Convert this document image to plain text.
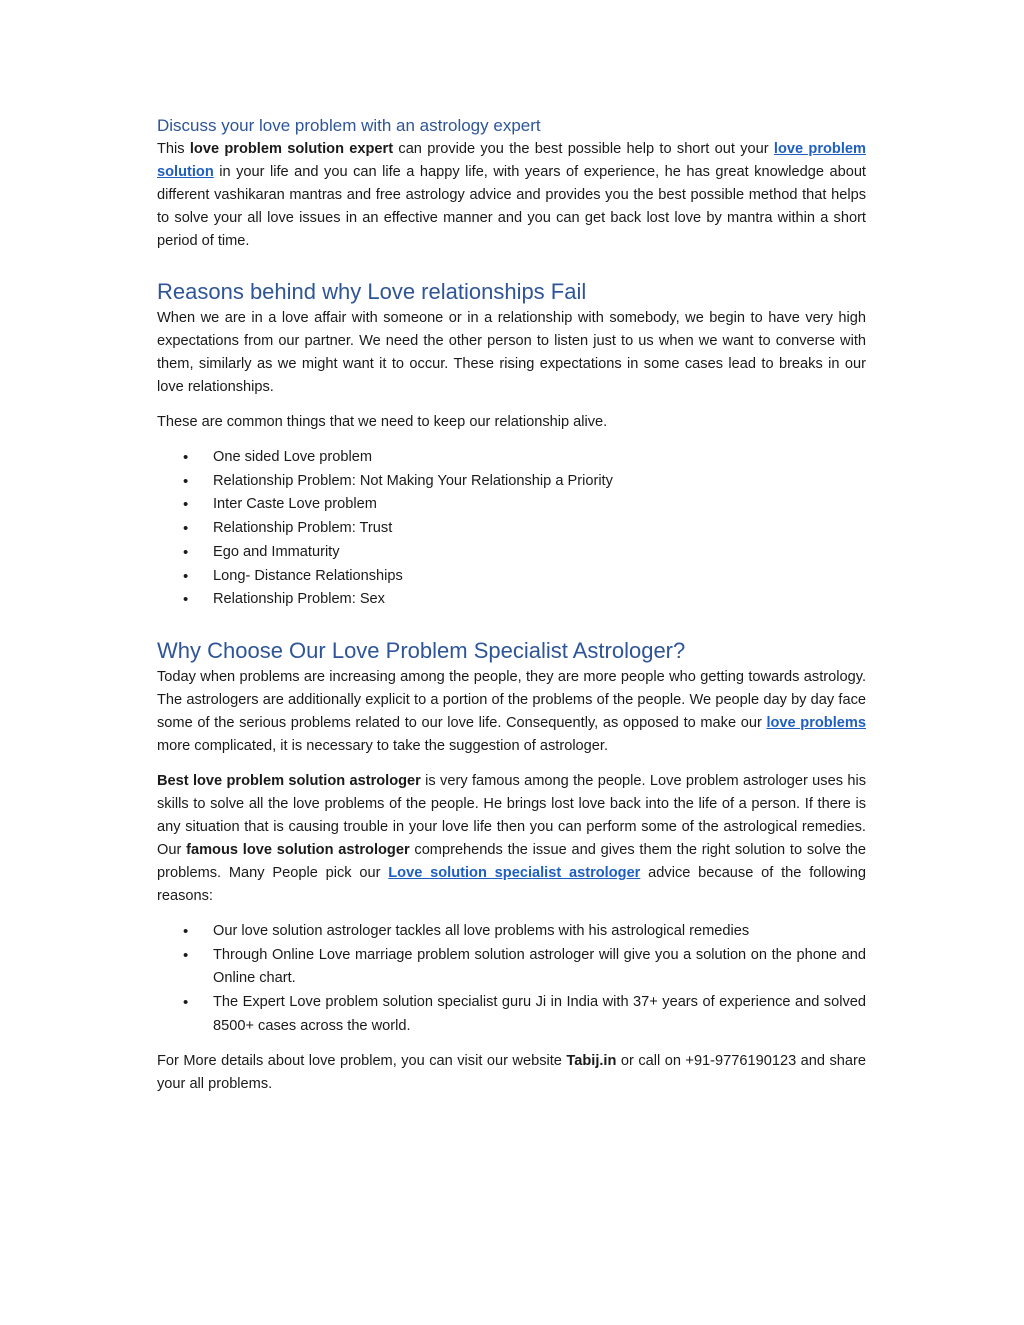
Discuss your love problem with an astrology expert

This love problem solution expert can provide you the best possible help to short out your love problem solution in your life and you can life a happy life, with years of experience, he has great knowledge about different vashikaran mantras and free astrology advice and provides you the best possible method that helps to solve your all love issues in an effective manner and you can get back lost love by mantra within a short period of time.

Reasons behind why Love relationships Fail

When we are in a love affair with someone or in a relationship with somebody, we begin to have very high expectations from our partner. We need the other person to listen just to us when we want to converse with them, similarly as we might want it to occur. These rising expectations in some cases lead to breaks in our love relationships.

These are common things that we need to keep our relationship alive.

• One sided Love problem
• Relationship Problem: Not Making Your Relationship a Priority
• Inter Caste Love problem
• Relationship Problem: Trust
• Ego and Immaturity
• Long- Distance Relationships
• Relationship Problem: Sex
Why Choose Our Love Problem Specialist Astrologer?

Today when problems are increasing among the people, they are more people who getting towards astrology. The astrologers are additionally explicit to a portion of the problems of the people. We people day by day face some of the serious problems related to our love life. Consequently, as opposed to make our love problems more complicated, it is necessary to take the suggestion of astrologer.

Best love problem solution astrologer is very famous among the people. Love problem astrologer uses his skills to solve all the love problems of the people. He brings lost love back into the life of a person. If there is any situation that is causing trouble in your love life then you can perform some of the astrological remedies. Our famous love solution astrologer comprehends the issue and gives them the right solution to solve the problems. Many People pick our Love solution specialist astrologer advice because of the following reasons:

• Our love solution astrologer tackles all love problems with his astrological remedies
• Through Online Love marriage problem solution astrologer will give you a solution on the phone and Online chart.
• The Expert Love problem solution specialist guru Ji in India with 37+ years of experience and solved 8500+ cases across the world.

For More details about love problem, you can visit our website Tabij.in or call on +91-9776190123 and share your all problems.
